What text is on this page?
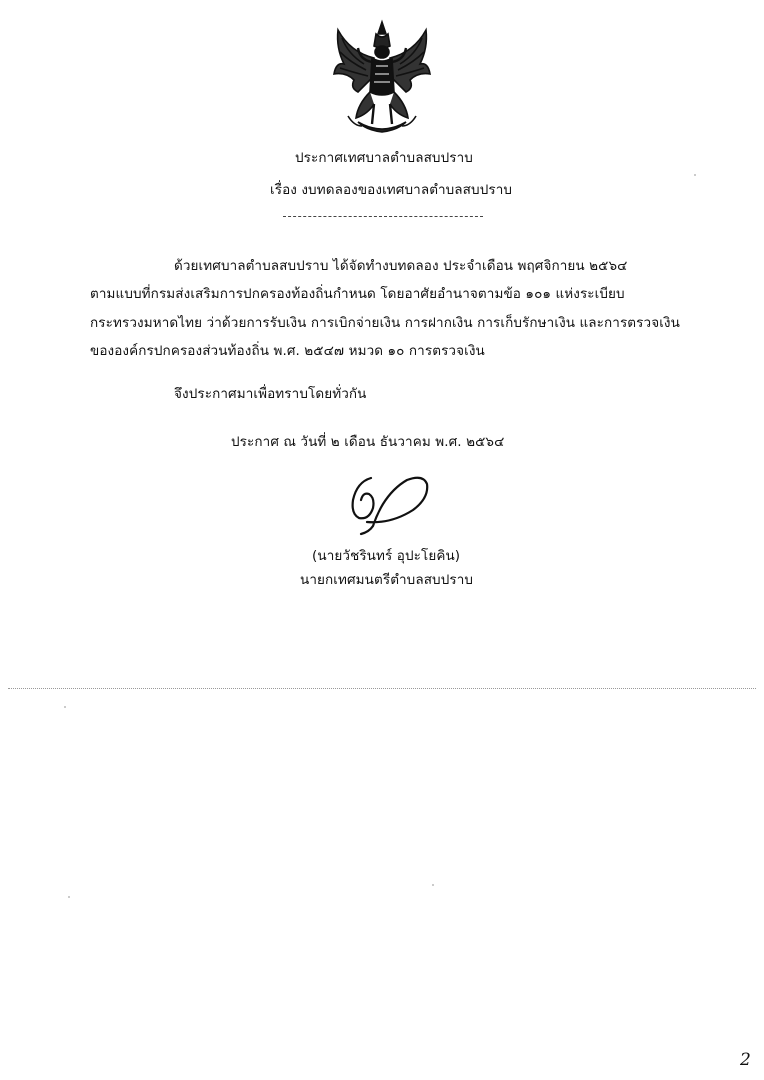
ประกาศเทศบาลตำบลสบปราบ
เรื่อง งบทดลองของเทศบาลตำบลสบปราบ
ด้วยเทศบาลตำบลสบปราบ ได้จัดทำงบทดลอง ประจำเดือน พฤศจิกายน ๒๕๖๔
ตามแบบที่กรมส่งเสริมการปกครองท้องถิ่นกำหนด โดยอาศัยอำนาจตามข้อ ๑๐๑ แห่งระเบียบ
กระทรวงมหาดไทย ว่าด้วยการรับเงิน การเบิกจ่ายเงิน การฝากเงิน การเก็บรักษาเงิน และการตรวจเงิน
ขององค์กรปกครองส่วนท้องถิ่น พ.ศ. ๒๕๔๗ หมวด ๑๐ การตรวจเงิน
จึงประกาศมาเพื่อทราบโดยทั่วกัน
ประกาศ ณ วันที่ ๒ เดือน ธันวาคม พ.ศ. ๒๕๖๔
(นายวัชรินทร์ อุปะโยคิน)
นายกเทศมนตรีตำบลสบปราบ
2
